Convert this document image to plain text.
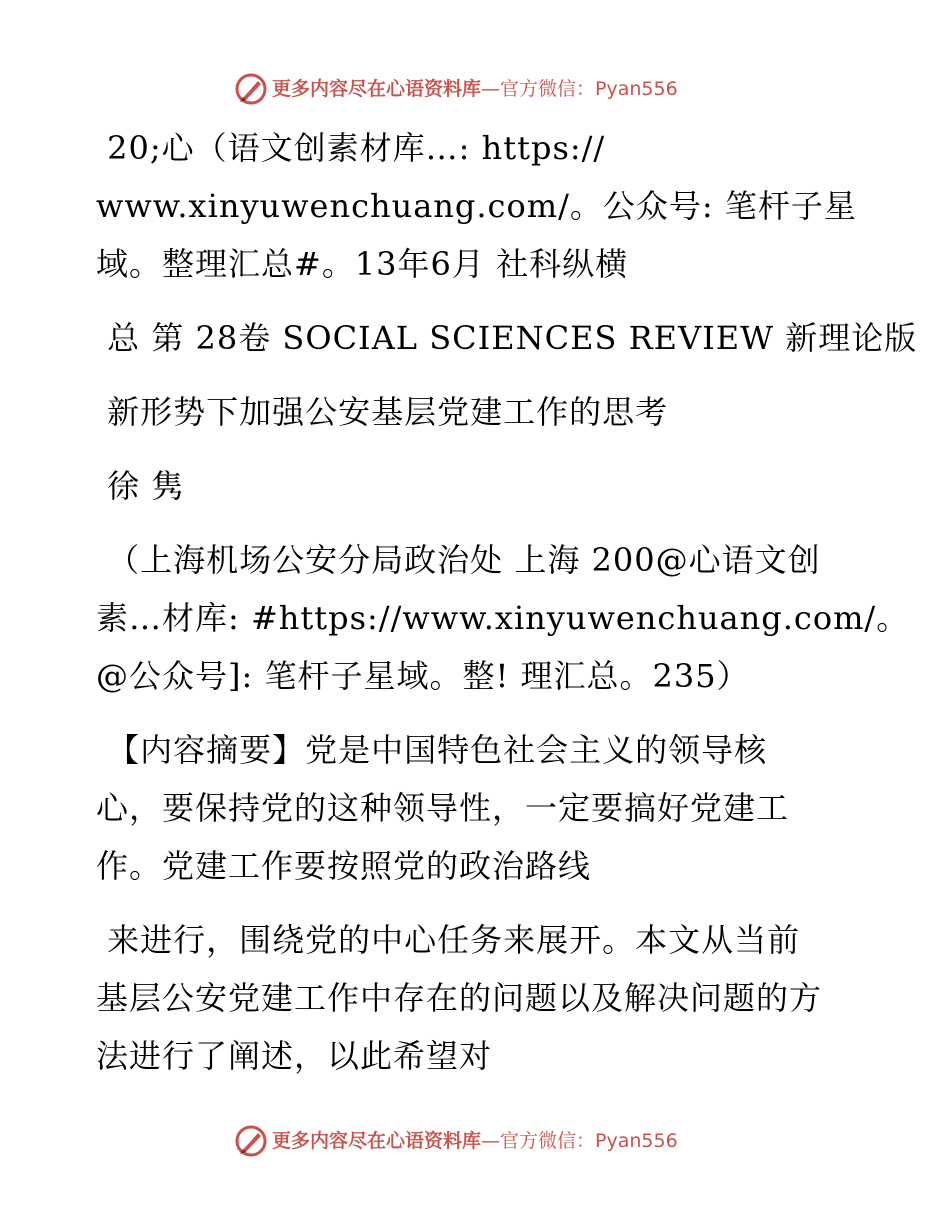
更多内容尽在心语资料库—官方微信：Pyan556
20;心（语文创素材库…: https://
www.xinyuwenchuang.com/。公众号: 笔杆子星
域。整理汇总#。13年6月 社科纵横
总 第 28卷 SOCIAL SCIENCES REVIEW 新理论版
新形势下加强公安基层党建工作的思考
徐 隽
（上海机场公安分局政治处 上海 200@心语文创
素…材库: #https://www.xinyuwenchuang.com/。
@公众号]: 笔杆子星域。整! 理汇总。235）
【内容摘要】党是中国特色社会主义的领导核
心，要保持党的这种领导性，一定要搞好党建工
作。党建工作要按照党的政治路线
来进行，围绕党的中心任务来展开。本文从当前
基层公安党建工作中存在的问题以及解决问题的方
法进行了阐述，以此希望对
更多内容尽在心语资料库—官方微信：Pyan556
